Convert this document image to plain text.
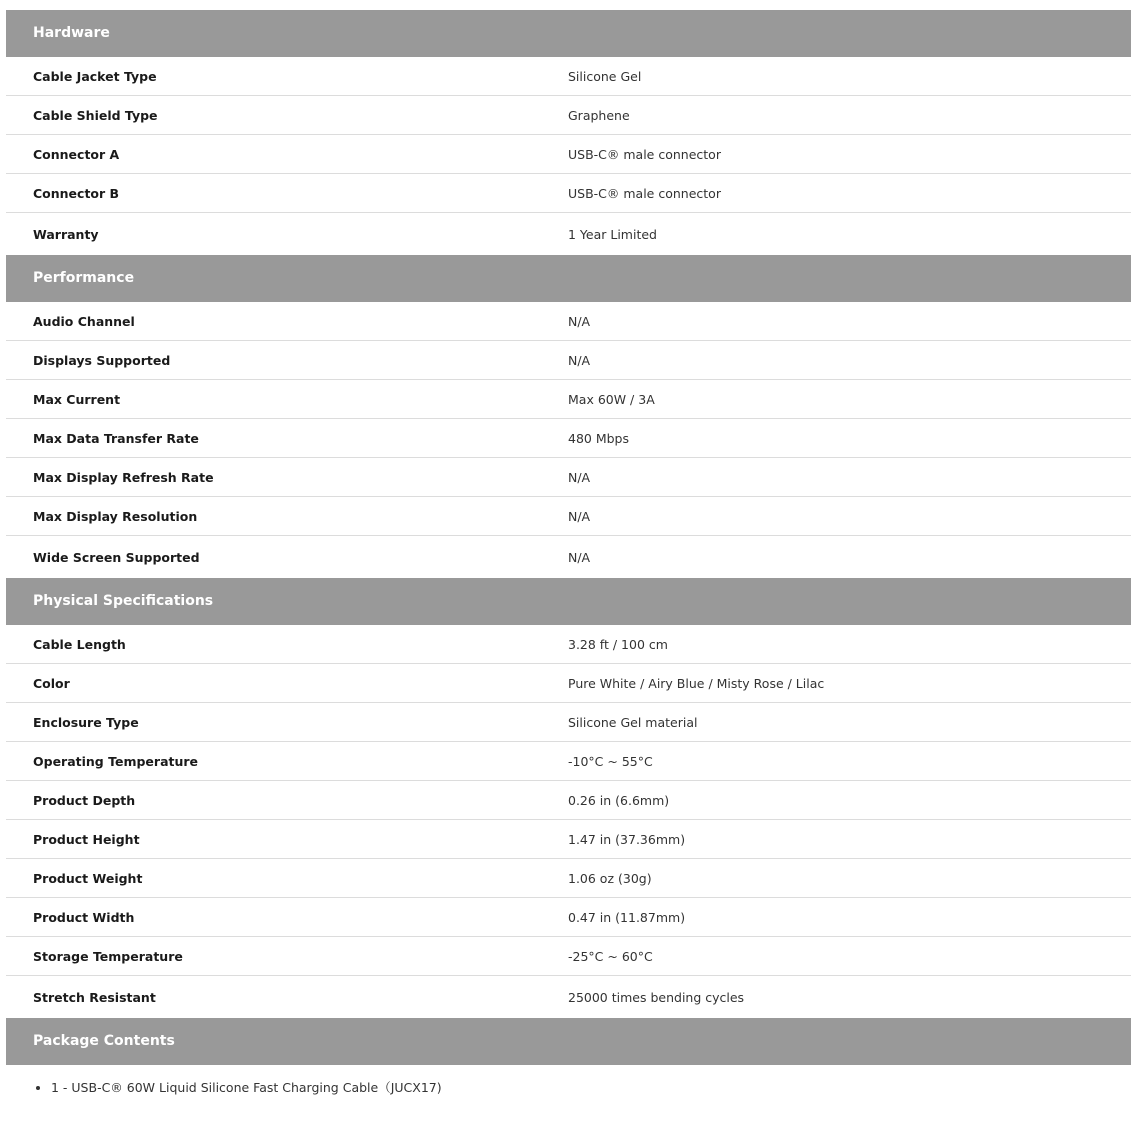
Hardware
Cable Jacket Type	Silicone Gel
Cable Shield Type	Graphene
Connector A	USB-C® male connector
Connector B	USB-C® male connector
Warranty	1 Year Limited
Performance
Audio Channel	N/A
Displays Supported	N/A
Max Current	Max 60W / 3A
Max Data Transfer Rate	480 Mbps
Max Display Refresh Rate	N/A
Max Display Resolution	N/A
Wide Screen Supported	N/A
Physical Specifications
Cable Length	3.28 ft / 100 cm
Color	Pure White / Airy Blue / Misty Rose / Lilac
Enclosure Type	Silicone Gel material
Operating Temperature	-10°C ~ 55°C
Product Depth	0.26 in (6.6mm)
Product Height	1.47 in (37.36mm)
Product Weight	1.06 oz (30g)
Product Width	0.47 in (11.87mm)
Storage Temperature	-25°C ~ 60°C
Stretch Resistant	25000 times bending cycles
Package Contents
• 1 - USB-C® 60W Liquid Silicone Fast Charging Cable（JUCX17)
